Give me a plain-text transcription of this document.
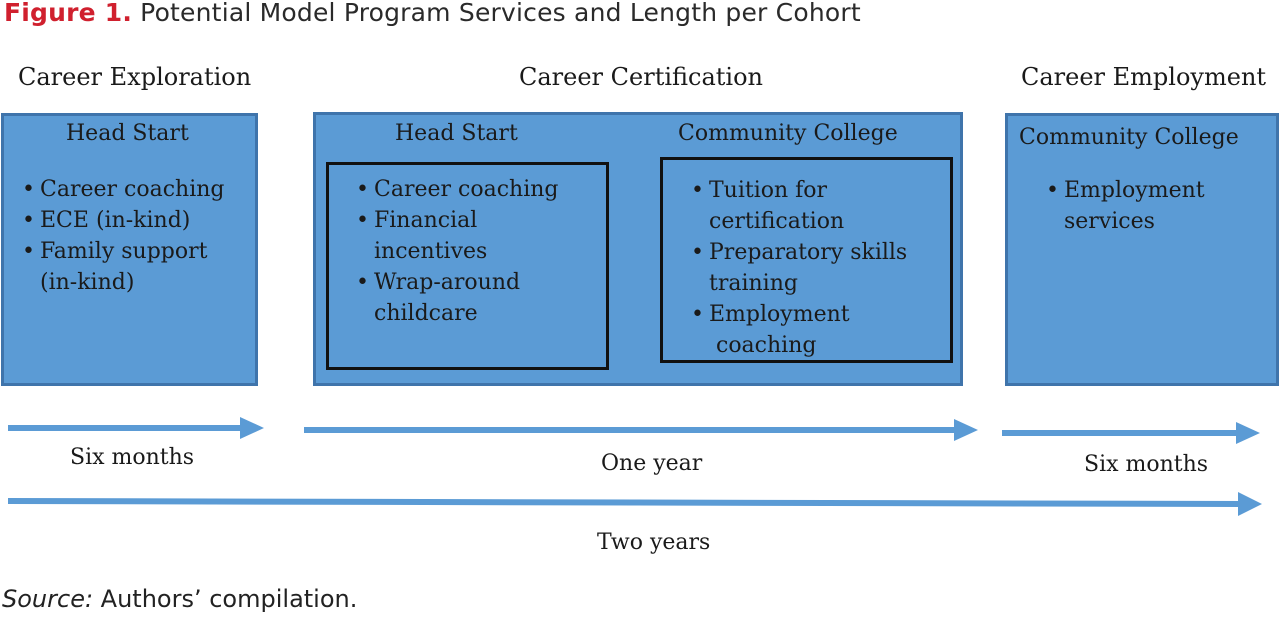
Figure 1. Potential Model Program Services and Length per Cohort
Career Exploration	Career Certification	Career Employment
Head Start
• Career coaching
• ECE (in-kind)
• Family support
(in-kind)
Head Start	Community College
• Career coaching
• Financial
incentives
• Wrap-around
childcare
• Tuition for
certification
• Preparatory skills
training
• Employment
coaching
Community College
• Employment
services
Six months	One year	Six months
Two years
Source: Authors’ compilation.
